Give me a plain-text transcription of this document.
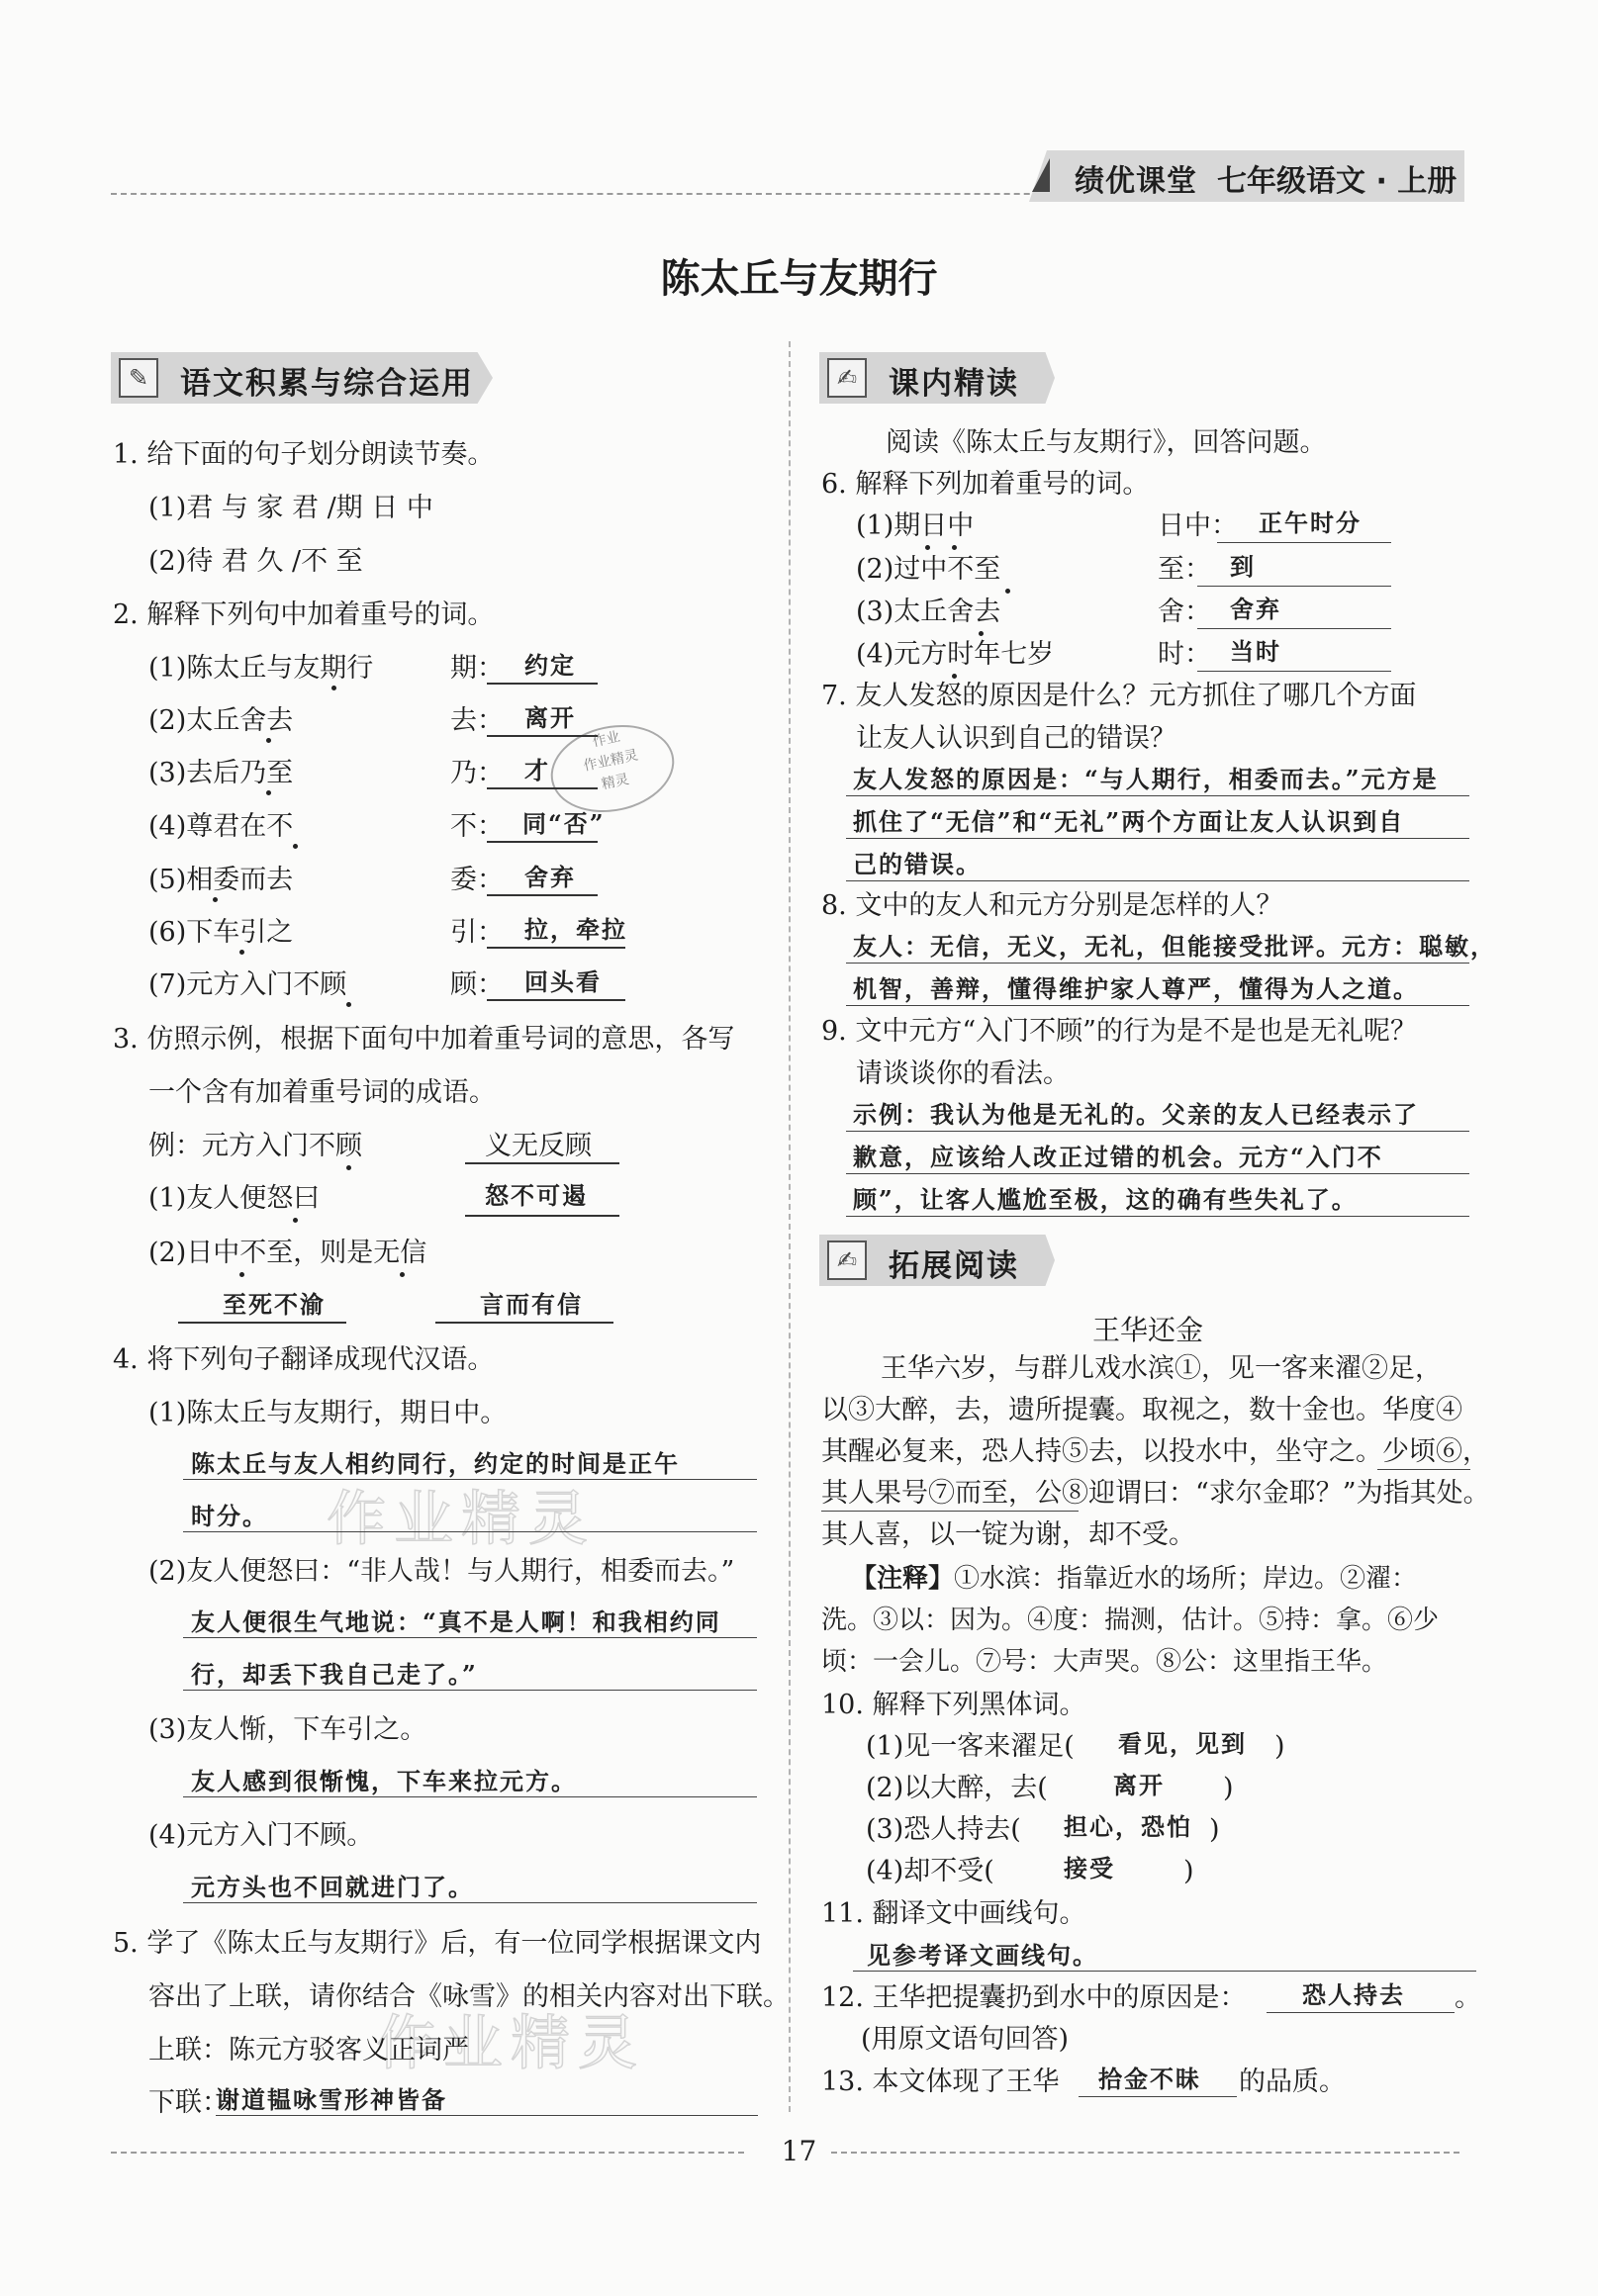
绩优课堂 七年级语文 · 上册
陈太丘与友期行
作业精灵
作业精灵
作业
作业精灵
精灵
✎	语文积累与综合运用
1. 给下面的句子划分朗读节奏。
(1)君 与 家 君 /期 日 中
(2)待 君 久 /不 至
2. 解释下列句中加着重号的词。
(1)陈太丘与友期行	期： 约定
(2)太丘舍去	去： 离开
(3)去后乃至	乃： 才
(4)尊君在不	不： 同“否”
(5)相委而去	委： 舍弃
(6)下车引之	引： 拉，牵拉
(7)元方入门不顾	顾： 回头看
3. 仿照示例，根据下面句中加着重号词的意思，各写
一个含有加着重号词的成语。
例：元方入门不顾	义无反顾
(1)友人便怒曰	怒不可遏
(2)日中不至，则是无信
至死不渝	言而有信
4. 将下列句子翻译成现代汉语。
(1)陈太丘与友期行，期日中。
陈太丘与友人相约同行，约定的时间是正午
时分。
(2)友人便怒曰：“非人哉！与人期行，相委而去。”
友人便很生气地说：“真不是人啊！和我相约同
行，却丢下我自己走了。”
(3)友人惭，下车引之。
友人感到很惭愧，下车来拉元方。
(4)元方入门不顾。
元方头也不回就进门了。
5. 学了《陈太丘与友期行》后，有一位同学根据课文内
容出了上联，请你结合《咏雪》的相关内容对出下联。
上联：陈元方驳客义正词严
下联：
谢道韫咏雪形神皆备
✍	课内精读
阅读《陈太丘与友期行》，回答问题。
6. 解释下列加着重号的词。
(1)期日中	日中： 正午时分
(2)过中不至	至： 到
(3)太丘舍去	舍： 舍弃
(4)元方时年七岁	时： 当时
7. 友人发怒的原因是什么？元方抓住了哪几个方面
让友人认识到自己的错误？
友人发怒的原因是：“与人期行，相委而去。”元方是
抓住了“无信”和“无礼”两个方面让友人认识到自
己的错误。
8. 文中的友人和元方分别是怎样的人？
友人：无信，无义，无礼，但能接受批评。元方：聪敏，
机智，善辩，懂得维护家人尊严，懂得为人之道。
9. 文中元方“入门不顾”的行为是不是也是无礼呢？
请谈谈你的看法。
示例：我认为他是无礼的。父亲的友人已经表示了
歉意，应该给人改正过错的机会。元方“入门不
顾”，让客人尴尬至极，这的确有些失礼了。
✍	拓展阅读
王华还金
王华六岁，与群儿戏水滨①，见一客来濯②足，
以③大醉，去，遗所提囊。取视之，数十金也。华度④
其醒必复来，恐人持⑤去，以投水中，坐守之。少顷⑥，
其人果号⑦而至，公⑧迎谓曰：“求尔金耶？”为指其处。
其人喜，以一锭为谢，却不受。
【注释】①水滨：指靠近水的场所；岸边。②濯：
洗。③以：因为。④度：揣测，估计。⑤持：拿。⑥少
顷：一会儿。⑦号：大声哭。⑧公：这里指王华。
10. 解释下列黑体词。
(1)见一客来濯足( 看见，见到 )
(2)以大醉，去(	离开 )
(3)恐人持去( 担心，恐怕 )
(4)却不受(	接受	)
11. 翻译文中画线句。
见参考译文画线句。
12. 王华把提囊扔到水中的原因是： 恐人持去 。
(用原文语句回答)
13. 本文体现了王华 拾金不昧 的品质。
17
